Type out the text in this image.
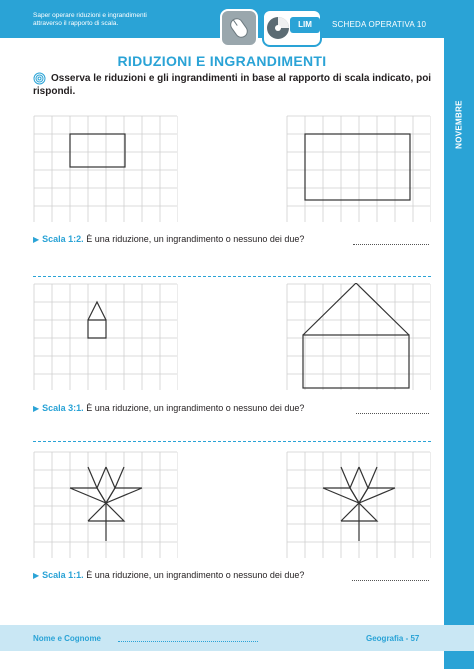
Saper operare riduzioni e ingrandimenti
attraverso il rapporto di scala.	LIM	SCHEDA OPERATIVA 10
NOVEMBRE
RIDUZIONI E INGRANDIMENTI
Osserva le riduzioni e gli ingrandimenti in base al rapporto di scala indicato, poi rispondi.
▶ Scala 1:2. È una riduzione, un ingrandimento o nessuno dei due?
▶ Scala 3:1. È una riduzione, un ingrandimento o nessuno dei due?
▶ Scala 1:1. È una riduzione, un ingrandimento o nessuno dei due?
Nome e Cognome	Geografia - 57
